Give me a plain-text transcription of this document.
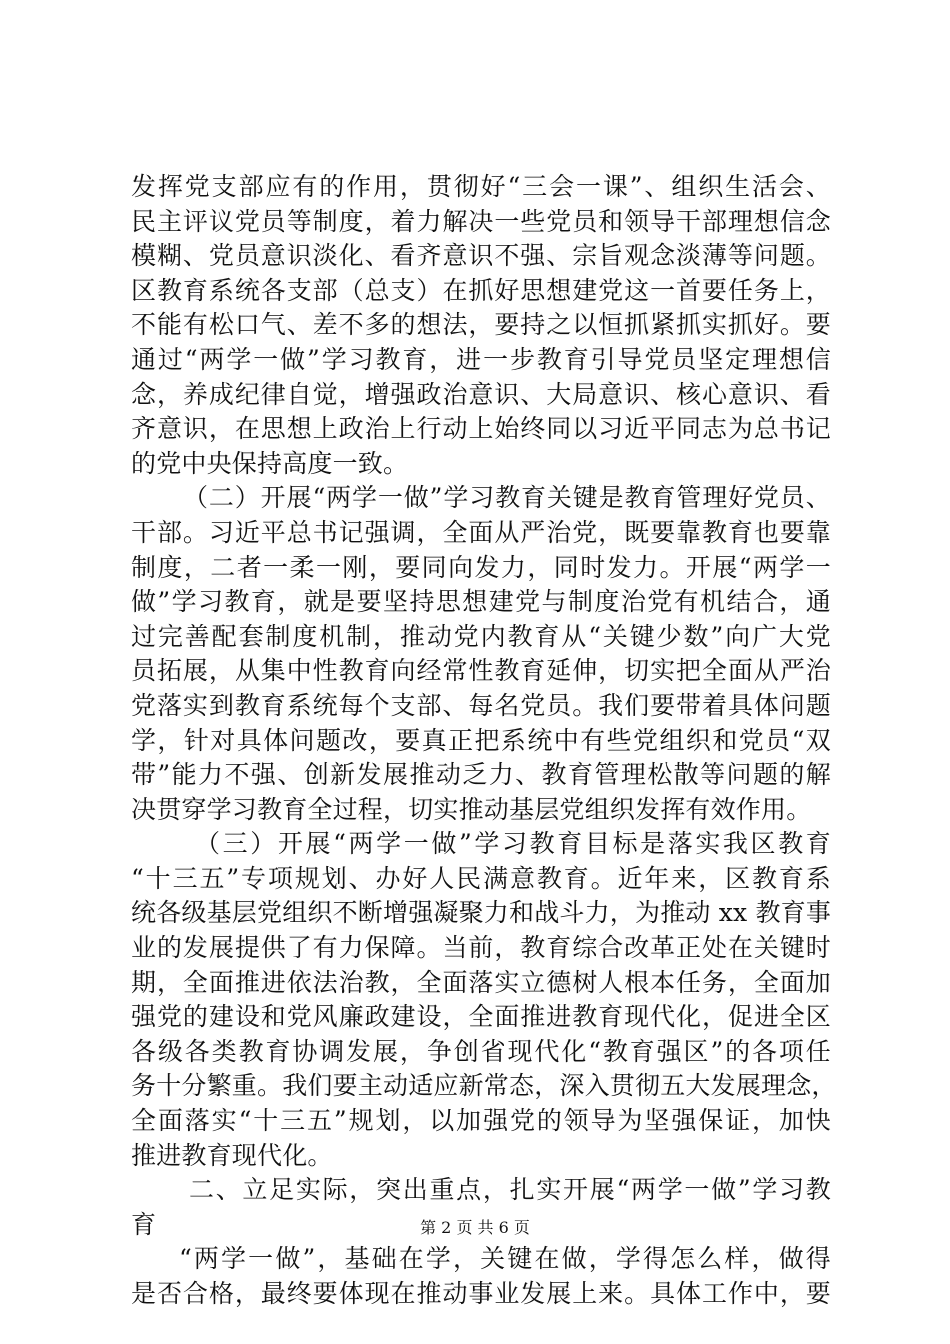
发挥党支部应有的作用，贯彻好“三会一课”、组织生活会、
民主评议党员等制度，着力解决一些党员和领导干部理想信念
模糊、党员意识淡化、看齐意识不强、宗旨观念淡薄等问题。
区教育系统各支部（总支）在抓好思想建党这一首要任务上，
不能有松口气、差不多的想法，要持之以恒抓紧抓实抓好。要
通过“两学一做”学习教育，进一步教育引导党员坚定理想信
念，养成纪律自觉，增强政治意识、大局意识、核心意识、看
齐意识，在思想上政治上行动上始终同以习近平同志为总书记
的党中央保持高度一致。
（二）开展“两学一做”学习教育关键是教育管理好党员、
干部。习近平总书记强调，全面从严治党，既要靠教育也要靠
制度，二者一柔一刚，要同向发力，同时发力。开展“两学一
做”学习教育，就是要坚持思想建党与制度治党有机结合，通
过完善配套制度机制，推动党内教育从“关键少数”向广大党
员拓展，从集中性教育向经常性教育延伸，切实把全面从严治
党落实到教育系统每个支部、每名党员。我们要带着具体问题
学，针对具体问题改，要真正把系统中有些党组织和党员“双
带”能力不强、创新发展推动乏力、教育管理松散等问题的解
决贯穿学习教育全过程，切实推动基层党组织发挥有效作用。
（三）开展“两学一做”学习教育目标是落实我区教育
“十三五”专项规划、办好人民满意教育。近年来，区教育系
统各级基层党组织不断增强凝聚力和战斗力，为推动 xx 教育事
业的发展提供了有力保障。当前，教育综合改革正处在关键时
期，全面推进依法治教，全面落实立德树人根本任务，全面加
强党的建设和党风廉政建设，全面推进教育现代化，促进全区
各级各类教育协调发展，争创省现代化“教育强区”的各项任
务十分繁重。我们要主动适应新常态，深入贯彻五大发展理念，
全面落实“十三五”规划，以加强党的领导为坚强保证，加快
推进教育现代化。
二、立足实际，突出重点，扎实开展“两学一做”学习教
育
“两学一做”，基础在学，关键在做，学得怎么样，做得
是否合格，最终要体现在推动事业发展上来。具体工作中，要
第 2 页 共 6 页
